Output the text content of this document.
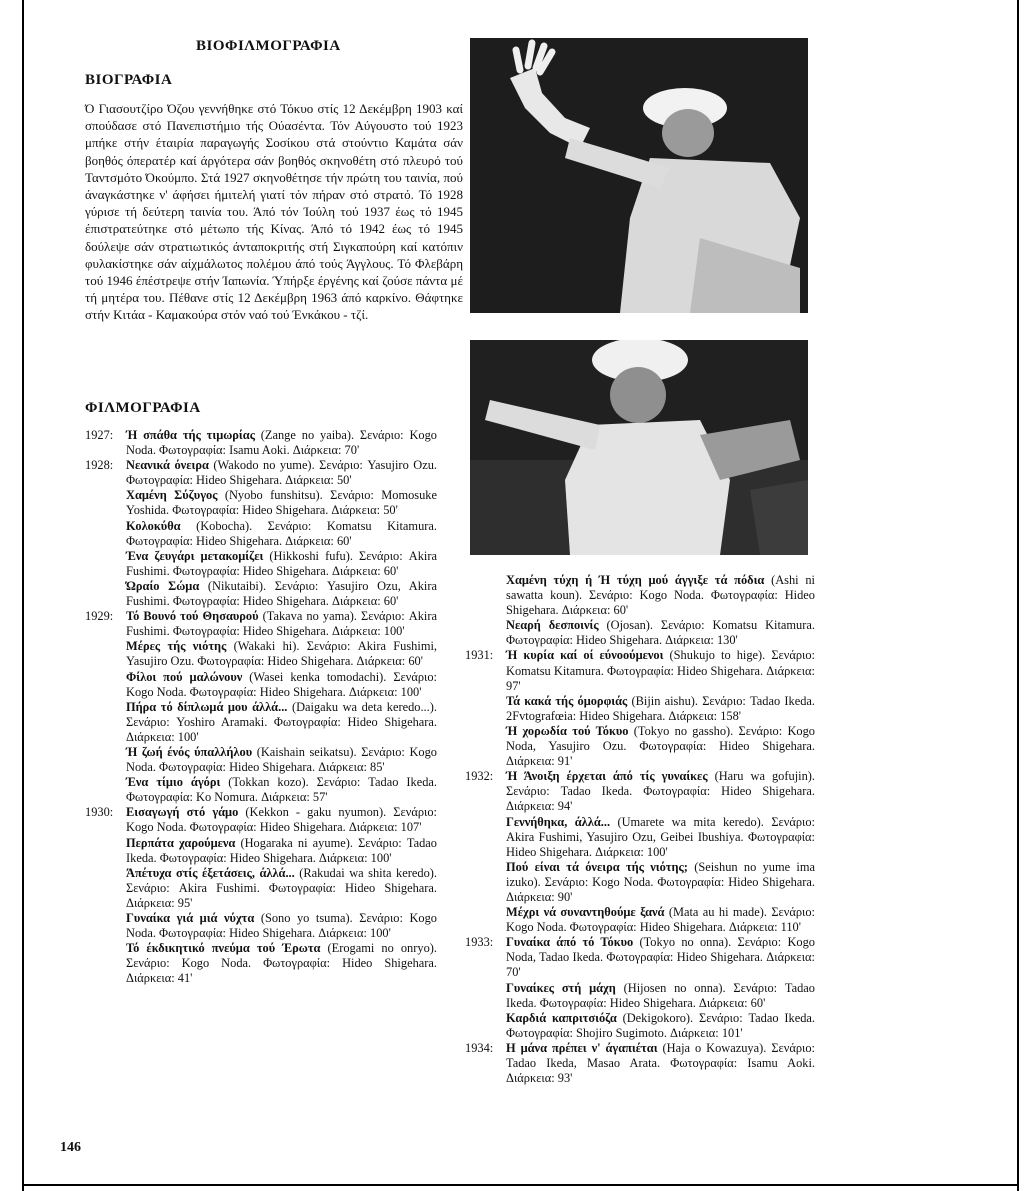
ΒΙΟΦΙΛΜΟΓΡΑΦΙΑ
ΒΙΟΓΡΑΦΙΑ

Ό Γιασουτζίρο Όζου γεννήθηκε στό Τόκυο στίς 12 Δεκέμβρη 1903 καί σπούδασε στό Πανεπιστήμιο τής Ούασέντα. Τόν Αύγουστο τού 1923 μπήκε στήν έταιρία παραγωγής Σοσίκου στά στούντιο Καμάτα σάν βοηθός όπερατέρ καί άργότερα σάν βοηθός σκηνοθέτη στό πλευρό τού Ταντσμότο Όκούμπο. Στά 1927 σκηνοθέτησε τήν πρώτη του ταινία, πού άναγκάστηκε ν' άφήσει ήμιτελή γιατί τόν πήραν στό στρατό. Τό 1928 γύρισε τή δεύτερη ταινία του. Άπό τόν Ίούλη τού 1937 έως τό 1945 έπιστρατεύτηκε στό μέτωπο τής Κίνας. Άπό τό 1942 έως τό 1945 δούλεψε σάν στρατιωτικός άνταποκριτής στή Σιγκαπούρη καί κατόπιν φυλακίστηκε σάν αίχμάλωτος πολέμου άπό τούς Άγγλους. Τό Φλεβάρη τού 1946 έπέστρεψε στήν Ίαπωνία. Ύπήρξε έργένης καί ζούσε πάντα μέ τή μητέρα του. Πέθανε στίς 12 Δεκέμβρη 1963 άπό καρκίνο. Θάφτηκε στήν Κιτάα - Καμακούρα στόν ναό τού Ένκάκου - τζί.

ΦΙΛΜΟΓΡΑΦΙΑ
1927:	Ή σπάθα τής τιμωρίας (Zange no yaiba). Σενάριο: Kogo Noda. Φωτογραφία: Isamu Aoki. Διάρκεια: 70'

1928:	Νεανικά όνειρα (Wakodo no yume). Σενάριο: Yasujiro Ozu. Φωτογραφία: Hideo Shigehara. Διάρκεια: 50'

Χαμένη Σύζυγος (Nyobo funshitsu). Σενάριο: Momosuke Yoshida. Φωτογραφία: Hideo Shigehara. Διάρκεια: 50'

Κολοκύθα (Kobocha). Σενάριο: Komatsu Kitamura. Φωτογραφία: Hideo Shigehara. Διάρκεια: 60'

Ένα ζευγάρι μετακομίζει (Hikkoshi fufu). Σενάριο: Akira Fushimi. Φωτογραφία: Hideo Shigehara. Διάρκεια: 60'

Ώραίο Σώμα (Nikutaibi). Σενάριο: Yasujiro Ozu, Akira Fushimi. Φωτογραφία: Hideo Shigehara. Διάρκεια: 60'

1929:	Τό Βουνό τού Θησαυρού (Takava no yama). Σενάριο: Akira Fushimi. Φωτογραφία: Hideo Shigehara. Διάρκεια: 100'

Μέρες τής νιότης (Wakaki hi). Σενάριο: Akira Fushimi, Yasujiro Ozu. Φωτογραφία: Hideo Shigehara. Διάρκεια: 60'

Φίλοι πού μαλώνουν (Wasei kenka tomodachi). Σενάριο: Kogo Noda. Φωτογραφία: Hideo Shigehara. Διάρκεια: 100'

Πήρα τό δίπλωμά μου άλλά... (Daigaku wa deta keredo...). Σενάριο: Yoshiro Aramaki. Φωτογραφία: Hideo Shigehara. Διάρκεια: 100'

Ή ζωή ένός ύπαλλήλου (Kaishain seikatsu). Σενάριο: Kogo Noda. Φωτογραφία: Hideo Shigehara. Διάρκεια: 85'

Ένα τίμιο άγόρι (Tokkan kozo). Σενάριο: Tadao Ikeda. Φωτογραφία: Ko Nomura. Διάρκεια: 57'

1930:	Εισαγωγή στό γάμο (Kekkon - gaku nyumon). Σενάριο: Kogo Noda. Φωτογραφία: Hideo Shigehara. Διάρκεια: 107'

Περπάτα χαρούμενα (Hogaraka ni ayume). Σενάριο: Tadao Ikeda. Φωτογραφία: Hideo Shigehara. Διάρκεια: 100'

Άπέτυχα στίς έξετάσεις, άλλά... (Rakudai wa shita keredo). Σενάριο: Akira Fushimi. Φωτογραφία: Hideo Shigehara. Διάρκεια: 95'

Γυναίκα γιά μιά νύχτα (Sono yo tsuma). Σενάριο: Kogo Noda. Φωτογραφία: Hideo Shigehara. Διάρκεια: 100'

Τό έκδικητικό πνεύμα τού Έρωτα (Erogami no onryo). Σενάριο: Kogo Noda. Φωτογραφία: Hideo Shigehara. Διάρκεια: 41'

Χαμένη τύχη ή Ή τύχη μού άγγιξε τά πόδια (Ashi ni sawatta koun). Σενάριο: Kogo Noda. Φωτογραφία: Hideo Shigehara. Διάρκεια: 60'

Νεαρή δεσποινίς (Ojosan). Σενάριο: Komatsu Kitamura. Φωτογραφία: Hideo Shigehara. Διάρκεια: 130'

1931:	Ή κυρία καί οί εύνοούμενοι (Shukujo to hige). Σενάριο: Komatsu Kitamura. Φωτογραφία: Hideo Shigehara. Διάρκεια: 97'

Τά κακά τής όμορφιάς (Bijin aishu). Σενάριο: Tadao Ikeda. 2Fvtografœia: Hideo Shigehara. Διάρκεια: 158'

Ή χορωδία τού Τόκυο (Tokyo no gassho). Σενάριο: Kogo Noda, Yasujiro Ozu. Φωτογραφία: Hideo Shigehara. Διάρκεια: 91'

1932:	Ή Άνοιξη έρχεται άπό τίς γυναίκες (Haru wa gofujin). Σενάριο: Tadao Ikeda. Φωτογραφία: Hideo Shigehara. Διάρκεια: 94'

Γεννήθηκα, άλλά... (Umarete wa mita keredo). Σενάριο: Akira Fushimi, Yasujiro Ozu, Geibei Ibushiya. Φωτογραφία: Hideo Shigehara. Διάρκεια: 100'

Πού είναι τά όνειρα τής νιότης; (Seishun no yume ima izuko). Σενάριο: Kogo Noda. Φωτογραφία: Hideo Shigehara. Διάρκεια: 90'

Μέχρι νά συναντηθούμε ξανά (Mata au hi made). Σενάριο: Kogo Noda. Φωτογραφία: Hideo Shigehara. Διάρκεια: 110'

1933:	Γυναίκα άπό τό Τόκυο (Tokyo no onna). Σενάριο: Kogo Noda, Tadao Ikeda. Φωτογραφία: Hideo Shigehara. Διάρκεια: 70'

Γυναίκες στή μάχη (Hijosen no onna). Σενάριο: Tadao Ikeda. Φωτογραφία: Hideo Shigehara. Διάρκεια: 60'

Καρδιά καπριτσιόζα (Dekigokoro). Σενάριο: Tadao Ikeda. Φωτογραφία: Shojiro Sugimoto. Διάρκεια: 101'

1934:	Η μάνα πρέπει ν' άγαπιέται (Haja o Kowazuya). Σενάριο: Tadao Ikeda, Masao Arata. Φωτογραφία: Isamu Aoki. Διάρκεια: 93'

146
